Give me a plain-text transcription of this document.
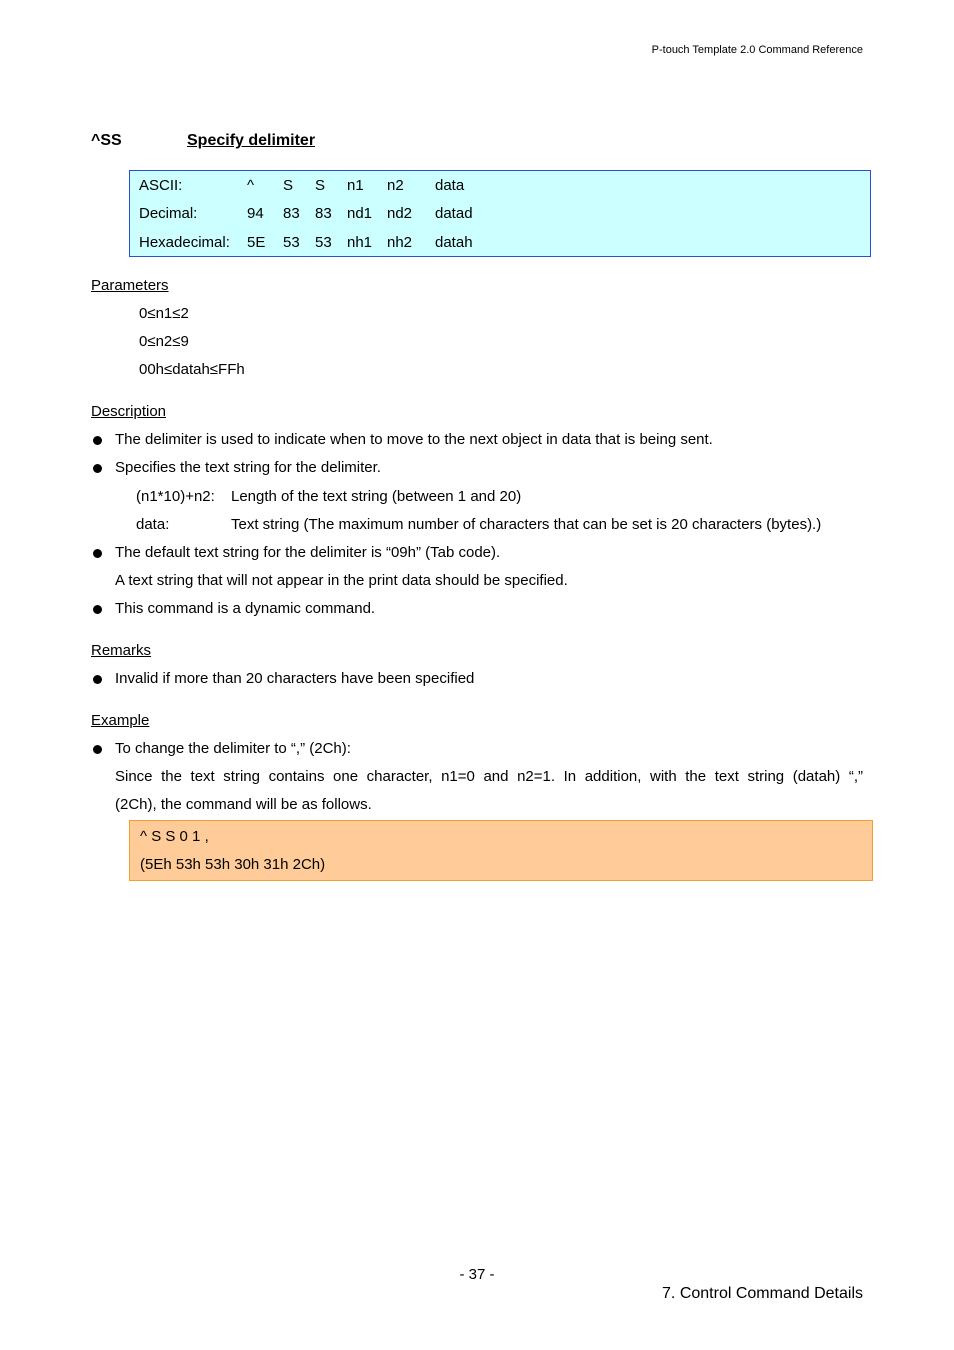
P-touch Template 2.0 Command Reference
^SS	Specify delimiter
ASCII:	^ S S n1 n2 data
Decimal:	94 83 83 nd1 nd2 datad
Hexadecimal: 5E 53 53 nh1 nh2 datah
Parameters
0≤n1≤2
0≤n2≤9
00h≤datah≤FFh
Description
The delimiter is used to indicate when to move to the next object in data that is being sent.
Specifies the text string for the delimiter.
(n1*10)+n2: Length of the text string (between 1 and 20)
data:	Text string (The maximum number of characters that can be set is 20 characters (bytes).)
The default text string for the delimiter is “09h” (Tab code).
A text string that will not appear in the print data should be specified.
This command is a dynamic command.
Remarks
Invalid if more than 20 characters have been specified
Example
To change the delimiter to “,” (2Ch):
Since the text string contains one character, n1=0 and n2=1. In addition, with the text string (datah) “,”
(2Ch), the command will be as follows.
^ S S 0 1 ,
(5Eh 53h 53h 30h 31h 2Ch)
- 37 -
7. Control Command Details
